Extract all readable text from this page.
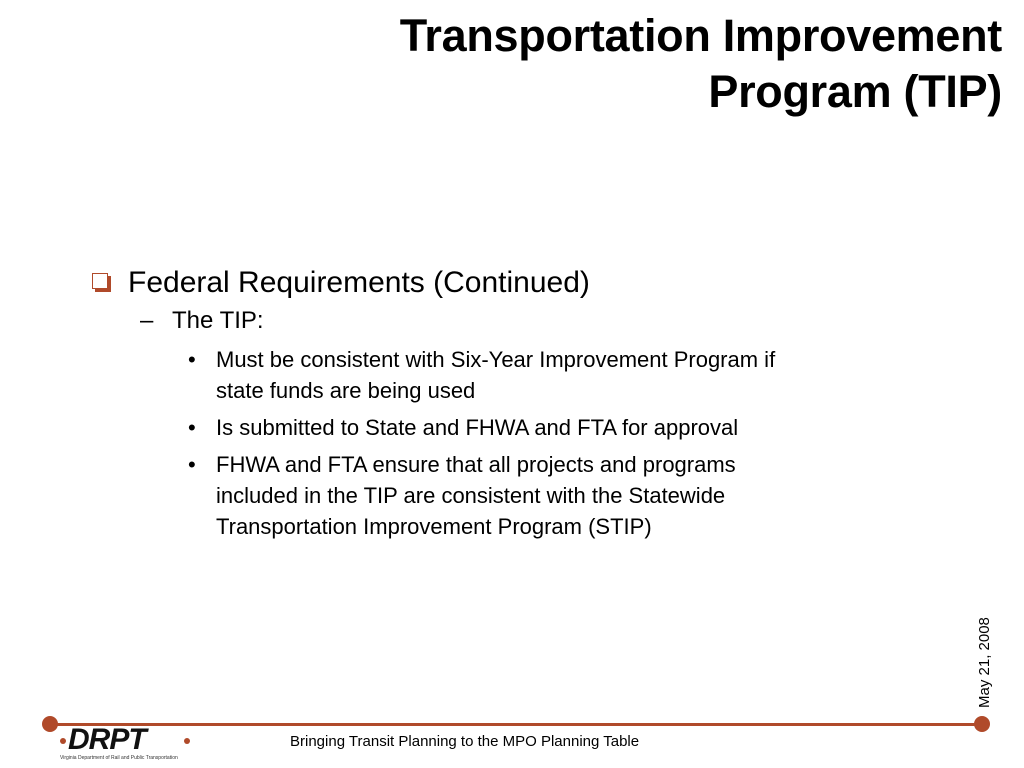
Transportation Improvement
Program (TIP)
Federal Requirements (Continued)
– The TIP:
• Must be consistent with Six-Year Improvement Program if state funds are being used
• Is submitted to State and FHWA and FTA for approval
• FHWA and FTA ensure that all projects and programs included in the TIP are consistent with the Statewide Transportation Improvement Program (STIP)
May 21, 2008
DRPT
Virginia Department of Rail and Public Transportation
Bringing Transit Planning to the MPO Planning Table
